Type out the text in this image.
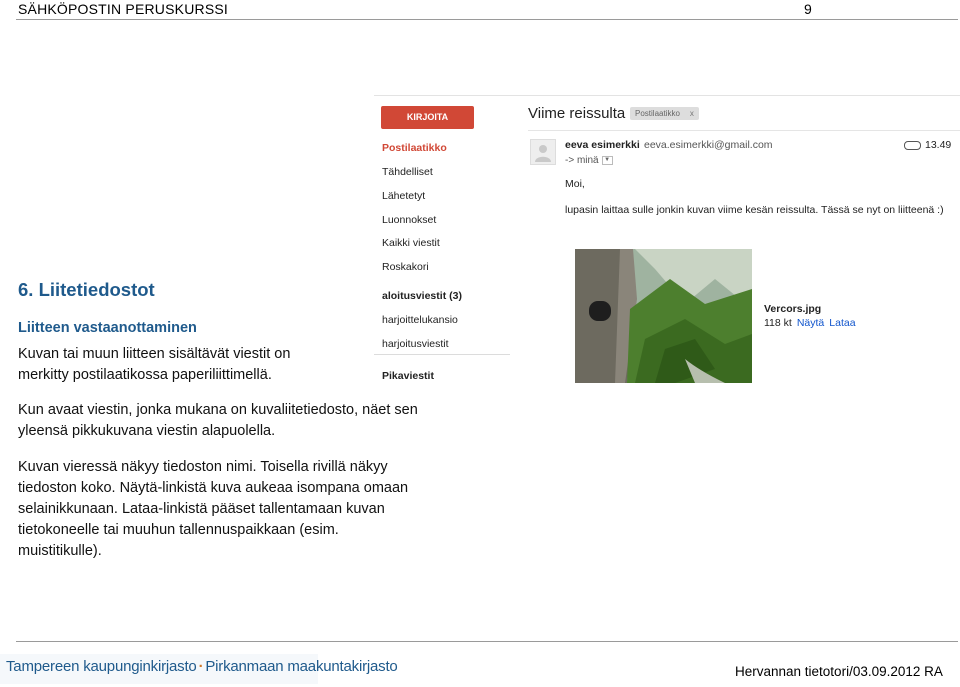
SÄHKÖPOSTIN PERUSKURSSI	9
KIRJOITA
Postilaatikko
Tähdelliset
Lähetetyt
Luonnokset
Kaikki viestit
Roskakori
aloitusviestit (3)
harjoittelukansio
harjoitusviestit
Pikaviestit
Viime reissulta	Postilaatikko x
eeva esimerkki eeva.esimerkki@gmail.com
-> minä ▼
13.49
Moi,
lupasin laittaa sulle jonkin kuvan viime kesän reissulta. Tässä se nyt on liitteenä :)
Vercors.jpg
118 kt Näytä Lataa
6. Liitetiedostot
Liitteen vastaanottaminen
Kuvan tai muun liitteen sisältävät viestit on
merkitty postilaatikossa paperiliittimellä.
Kun avaat viestin, jonka mukana on kuvaliitetiedosto, näet sen
yleensä pikkukuvana viestin alapuolella.
Kuvan vieressä näkyy tiedoston nimi. Toisella rivillä näkyy
tiedoston koko. Näytä-linkistä kuva aukeaa isompana omaan
selainikkunaan. Lataa-linkistä pääset tallentamaan kuvan
tietokoneelle tai muuhun tallennuspaikkaan (esim.
muistitikulle).
Tampereen kaupunginkirjasto · Pirkanmaan maakuntakirjasto	Hervannan tietotori/03.09.2012 RA
